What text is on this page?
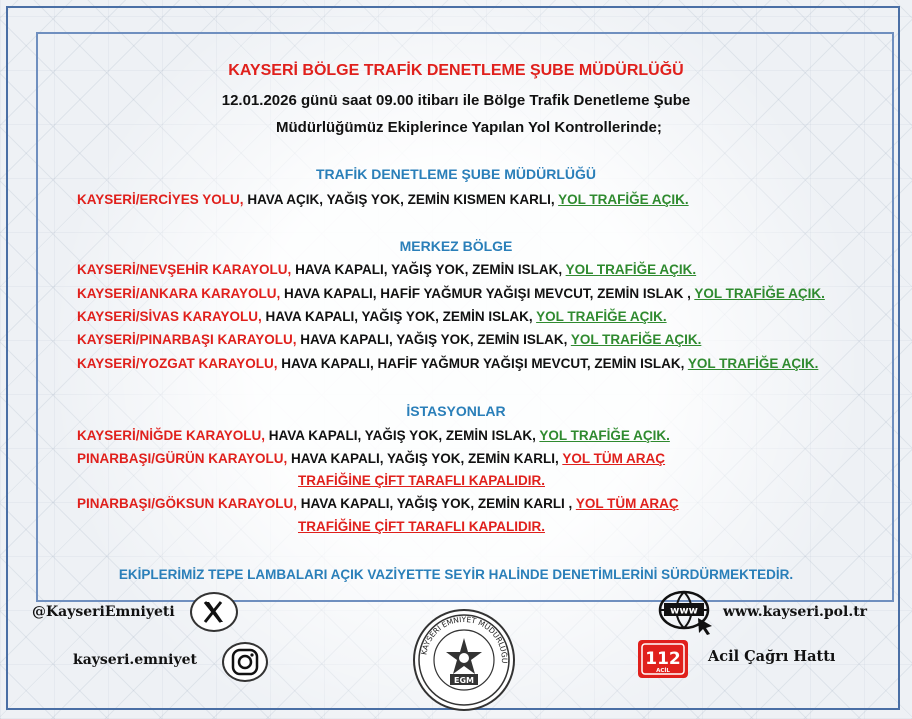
KAYSERİ BÖLGE TRAFİK DENETLEME ŞUBE MÜDÜRLÜĞÜ
12.01.2026 günü saat 09.00 itibarı ile Bölge Trafik Denetleme Şube
Müdürlüğümüz Ekiplerince Yapılan Yol Kontrollerinde;
TRAFİK DENETLEME ŞUBE MÜDÜRLÜĞÜ
KAYSERİ/ERCİYES YOLU, HAVA AÇIK, YAĞIŞ YOK, ZEMİN KISMEN KARLI, YOL TRAFİĞE AÇIK.
MERKEZ BÖLGE
KAYSERİ/NEVŞEHİR KARAYOLU, HAVA KAPALI, YAĞIŞ YOK, ZEMİN ISLAK, YOL TRAFİĞE AÇIK.
KAYSERİ/ANKARA KARAYOLU, HAVA KAPALI, HAFİF YAĞMUR YAĞIŞI MEVCUT, ZEMİN ISLAK , YOL TRAFİĞE AÇIK.
KAYSERİ/SİVAS KARAYOLU, HAVA KAPALI, YAĞIŞ YOK, ZEMİN ISLAK, YOL TRAFİĞE AÇIK.
KAYSERİ/PINARBAŞI KARAYOLU, HAVA KAPALI, YAĞIŞ YOK, ZEMİN ISLAK, YOL TRAFİĞE AÇIK.
KAYSERİ/YOZGAT KARAYOLU, HAVA KAPALI, HAFİF YAĞMUR YAĞIŞI MEVCUT, ZEMİN ISLAK, YOL TRAFİĞE AÇIK.
İSTASYONLAR
KAYSERİ/NİĞDE KARAYOLU, HAVA KAPALI, YAĞIŞ YOK, ZEMİN ISLAK, YOL TRAFİĞE AÇIK.
PINARBAŞI/GÜRÜN KARAYOLU, HAVA KAPALI, YAĞIŞ YOK, ZEMİN KARLI, YOL TÜM ARAÇ
TRAFİĞİNE ÇİFT TARAFLI KAPALIDIR.
PINARBAŞI/GÖKSUN KARAYOLU, HAVA KAPALI, YAĞIŞ YOK, ZEMİN KARLI , YOL TÜM ARAÇ
TRAFİĞİNE ÇİFT TARAFLI KAPALIDIR.
EKİPLERİMİZ TEPE LAMBALARI AÇIK VAZİYETTE SEYİR HALİNDE DENETİMLERİNİ SÜRDÜRMEKTEDİR.
@KayseriEmniyeti
kayseri.emniyet	KAYSERİ EMNİYET MÜDÜRLÜĞÜ
EGM
www www.kayseri.pol.tr
112
ACİL
Acil Çağrı Hattı
